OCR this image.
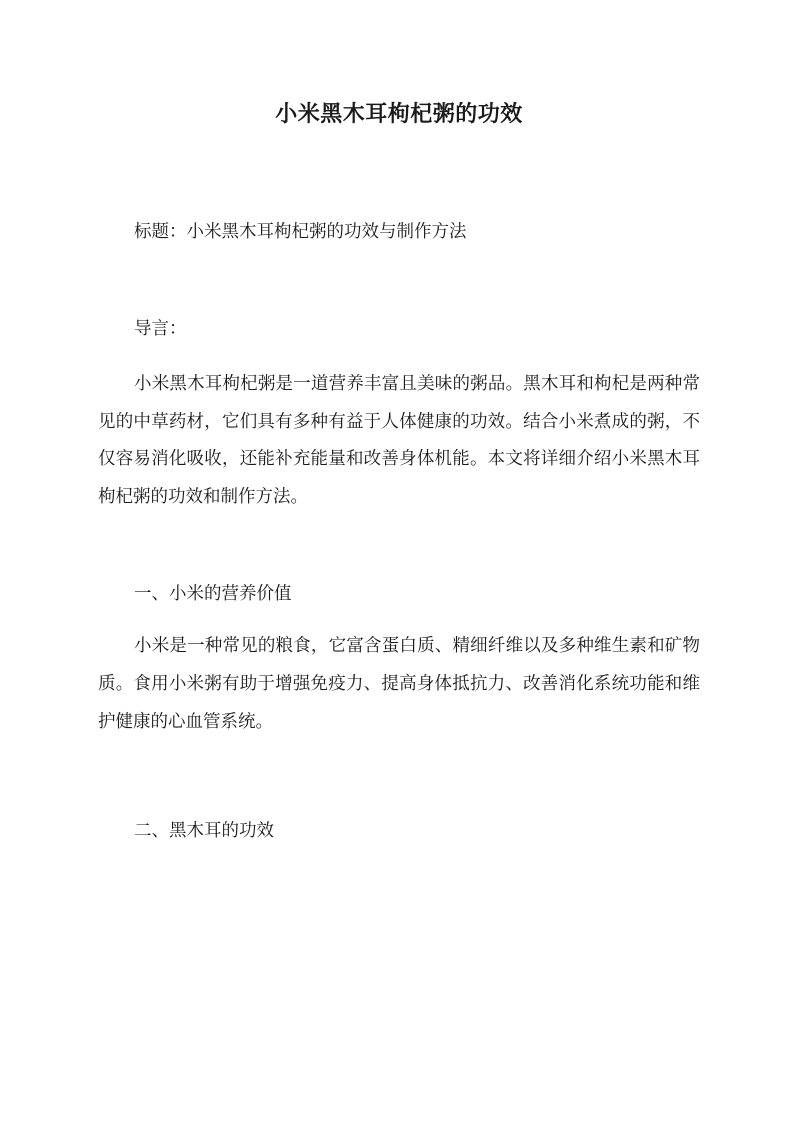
小米黑木耳枸杞粥的功效

标题：小米黑木耳枸杞粥的功效与制作方法

导言：

小米黑木耳枸杞粥是一道营养丰富且美味的粥品。黑木耳和枸杞是两种常见的中草药材，它们具有多种有益于人体健康的功效。结合小米煮成的粥，不仅容易消化吸收，还能补充能量和改善身体机能。本文将详细介绍小米黑木耳枸杞粥的功效和制作方法。

一、小米的营养价值

小米是一种常见的粮食，它富含蛋白质、精细纤维以及多种维生素和矿物质。食用小米粥有助于增强免疫力、提高身体抵抗力、改善消化系统功能和维护健康的心血管系统。

二、黑木耳的功效
